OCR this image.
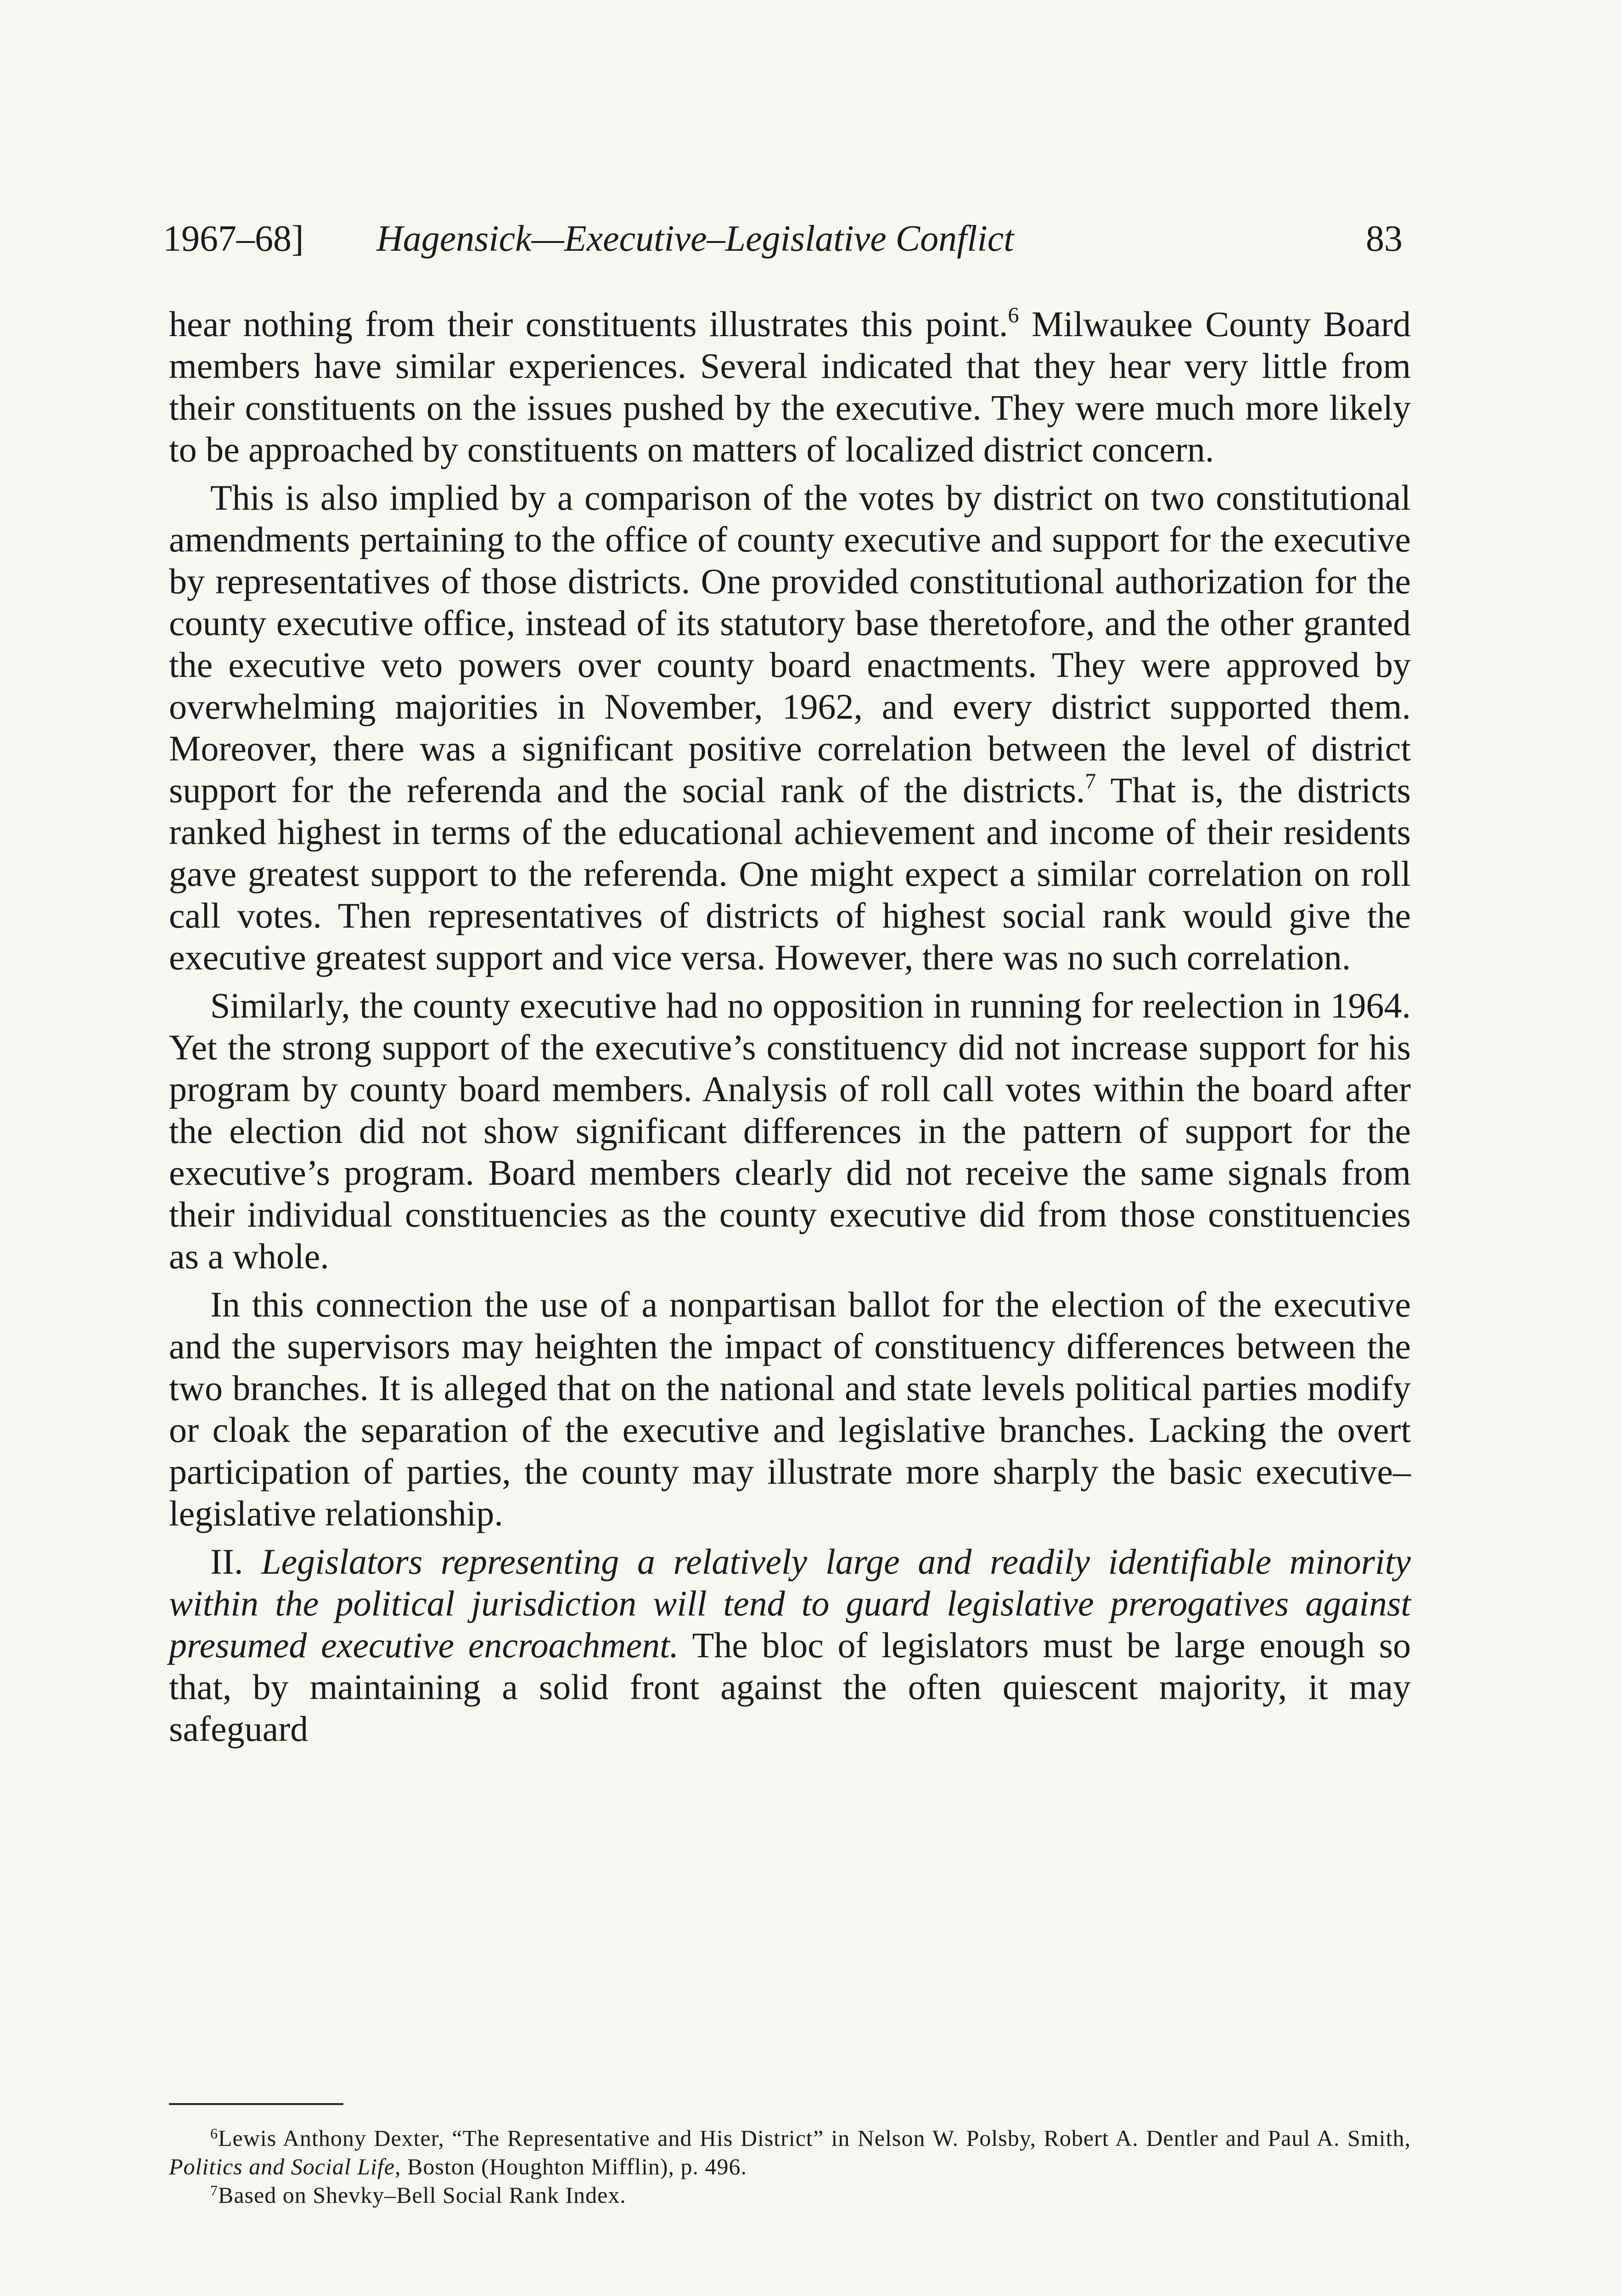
1967–68] Hagensick—Executive–Legislative Conflict	83

hear nothing from their constituents illustrates this point.$^6$ Milwaukee County Board members have similar experiences. Several indicated that they hear very little from their constituents on the issues pushed by the executive. They were much more likely to be approached by constituents on matters of localized district concern.

This is also implied by a comparison of the votes by district on two constitutional amendments pertaining to the office of county executive and support for the executive by representatives of those districts. One provided constitutional authorization for the county executive office, instead of its statutory base theretofore, and the other granted the executive veto powers over county board enactments. They were approved by overwhelming majorities in November, 1962, and every district supported them. Moreover, there was a significant positive correlation between the level of district support for the referenda and the social rank of the districts.$^7$ That is, the districts ranked highest in terms of the educational achievement and income of their residents gave greatest support to the referenda. One might expect a similar correlation on roll call votes. Then representatives of districts of highest social rank would give the executive greatest support and vice versa. However, there was no such correlation.

Similarly, the county executive had no opposition in running for reelection in 1964. Yet the strong support of the executive’s constituency did not increase support for his program by county board members. Analysis of roll call votes within the board after the election did not show significant differences in the pattern of support for the executive’s program. Board members clearly did not receive the same signals from their individual constituencies as the county executive did from those constituencies as a whole.

In this connection the use of a nonpartisan ballot for the election of the executive and the supervisors may heighten the impact of constituency differences between the two branches. It is alleged that on the national and state levels political parties modify or cloak the separation of the executive and legislative branches. Lacking the overt participation of parties, the county may illustrate more sharply the basic executive–legislative relationship.

II. Legislators representing a relatively large and readily identifiable minority within the political jurisdiction will tend to guard legislative prerogatives against presumed executive encroachment. The bloc of legislators must be large enough so that, by maintaining a solid front against the often quiescent majority, it may safeguard

$^6$Lewis Anthony Dexter, “The Representative and His District” in Nelson W. Polsby, Robert A. Dentler and Paul A. Smith, Politics and Social Life, Boston (Houghton Mifflin), p. 496.

$^7$Based on Shevky–Bell Social Rank Index.
